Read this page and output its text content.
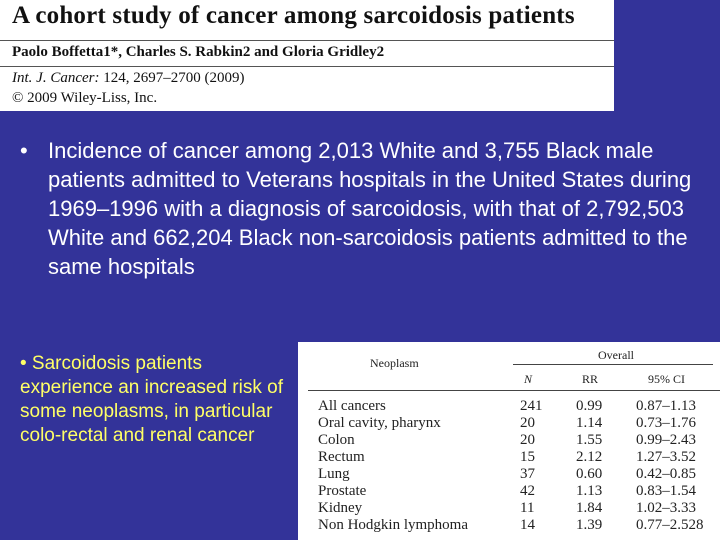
A cohort study of cancer among sarcoidosis patients
Paolo Boffetta1*, Charles S. Rabkin2 and Gloria Gridley2
Int. J. Cancer: 124, 2697–2700 (2009)
© 2009 Wiley-Liss, Inc.
• Incidence of cancer among 2,013 White and 3,755 Black male patients admitted to Veterans hospitals in the United States during 1969–1996 with a diagnosis of sarcoidosis, with that of 2,792,503 White and 662,204 Black non-sarcoidosis patients admitted to the same hospitals
• Sarcoidosis patients experience an increased risk of some neoplasms, in particular colo-rectal and renal cancer
Neoplasm
Overall
N	RR	95% CI
All cancers	241 0.99 0.87–1.13
Oral cavity, pharynx	20	1.14 0.73–1.76
Colon	20	1.55 0.99–2.43
Rectum	15	2.12 1.27–3.52
Lung	37	0.60 0.42–0.85
Prostate	42	1.13 0.83–1.54
Kidney	11	1.84 1.02–3.33
Non Hodgkin lymphoma	14	1.39 0.77–2.528
